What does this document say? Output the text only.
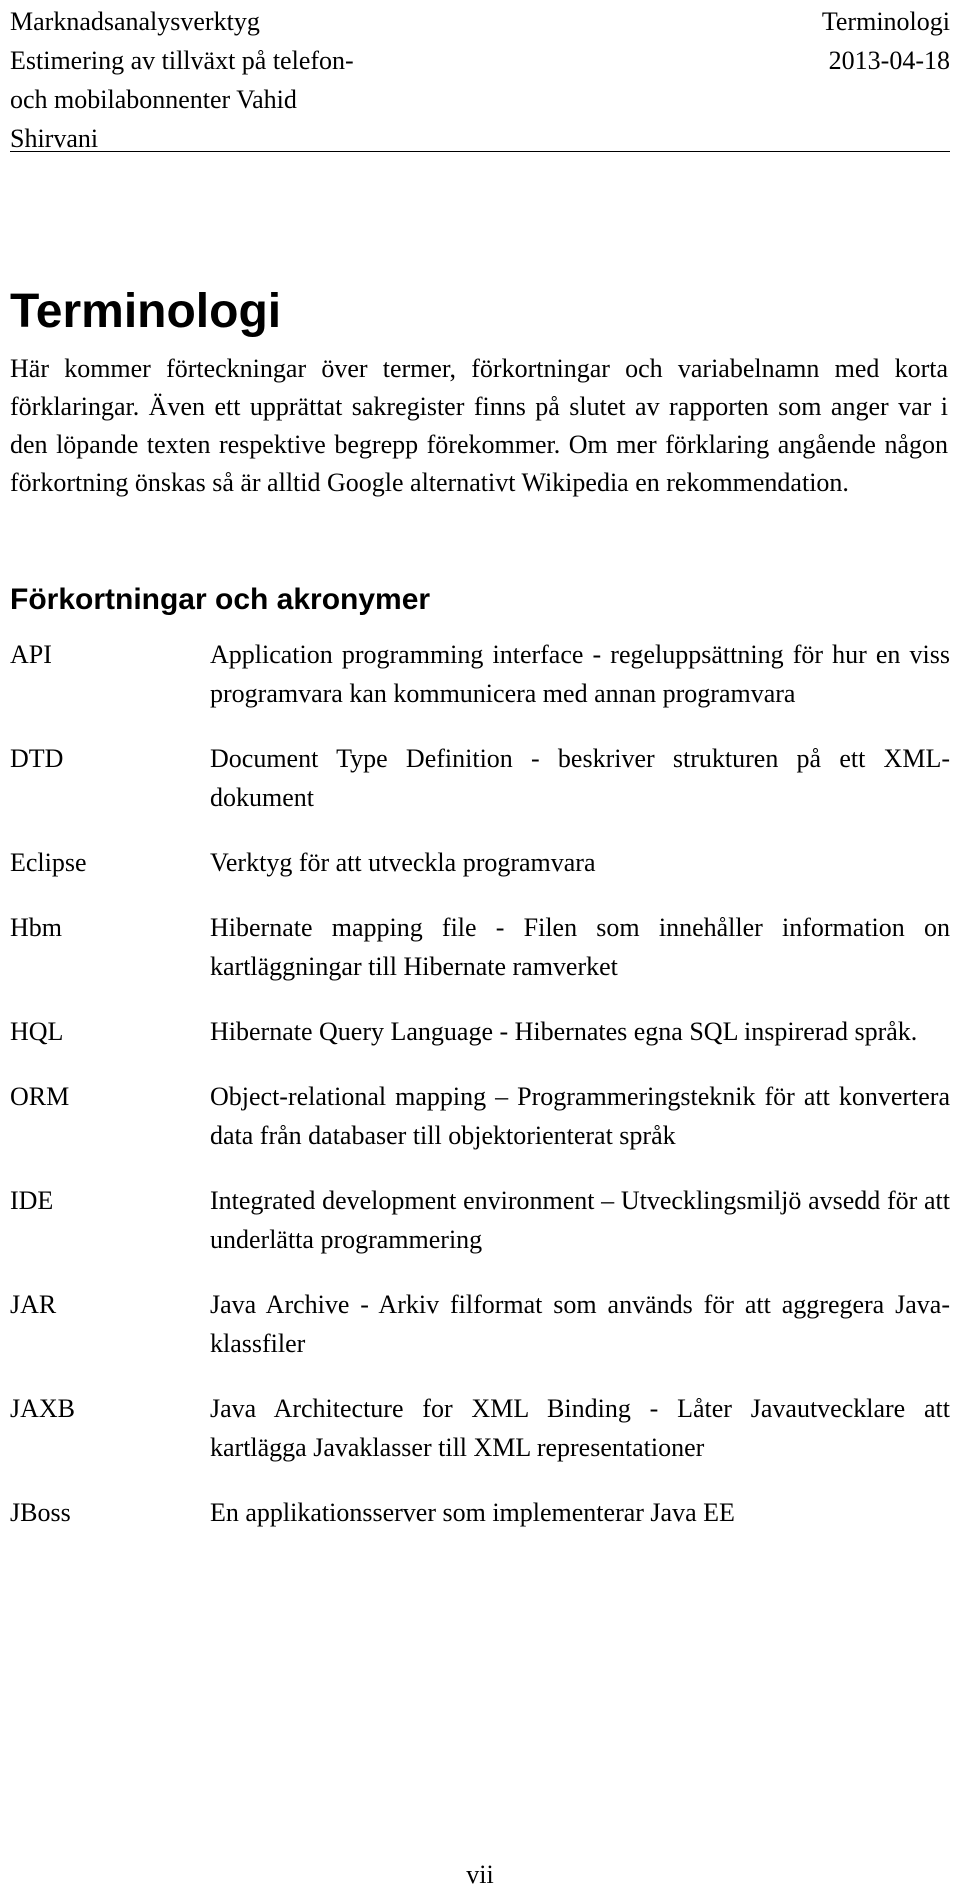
Marknadsanalysverktyg
Estimering av tillväxt på telefon-
och mobilabonnenter Vahid
Shirvani
Terminologi
2013-04-18
Terminologi

Här kommer förteckningar över termer, förkortningar och variabelnamn med korta förklaringar. Även ett upprättat sakregister finns på slutet av rapporten som anger var i den löpande texten respektive begrepp förekommer. Om mer förklaring angående någon förkortning önskas så är alltid Google alternativt Wikipedia en rekommendation.

Förkortningar och akronymer
API	Application programming interface - regeluppsättning för hur en viss programvara kan kommunicera med annan programvara
DTD	Document Type Definition - beskriver strukturen på ett XML-dokument
Eclipse	Verktyg för att utveckla programvara
Hbm	Hibernate mapping file - Filen som innehåller information on kartläggningar till Hibernate ramverket
HQL	Hibernate Query Language - Hibernates egna SQL inspirerad språk.
ORM	Object-relational mapping – Programmeringsteknik för att konvertera data från databaser till objektorienterat språk
IDE	Integrated development environment – Utvecklingsmiljö avsedd för att underlätta programmering
JAR	Java Archive - Arkiv filformat som används för att aggregera Java-klassfiler
JAXB	Java Architecture for XML Binding - Låter Javautvecklare att kartlägga Javaklasser till XML representationer
JBoss	En applikationsserver som implementerar Java EE
vii
